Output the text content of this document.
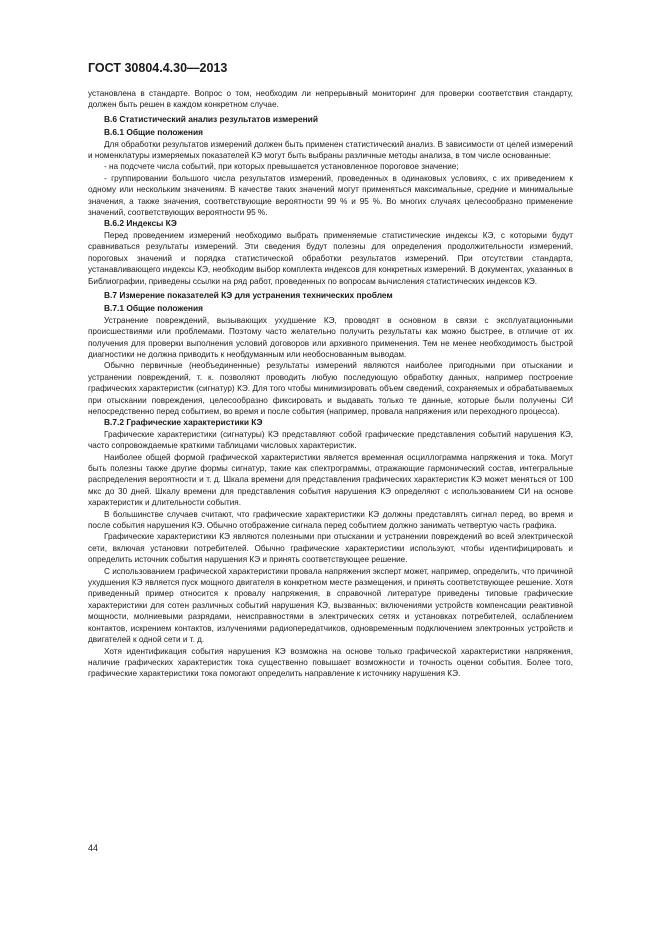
ГОСТ 30804.4.30—2013

установлена в стандарте. Вопрос о том, необходим ли непрерывный мониторинг для проверки соответствия стандарту, должен быть решен в каждом конкретном случае.

В.6 Статистический анализ результатов измерений
В.6.1 Общие положения

Для обработки результатов измерений должен быть применен статистический анализ. В зависимости от целей измерений и номенклатуры измеряемых показателей КЭ могут быть выбраны различные методы анализа, в том числе основанные:

- на подсчете числа событий, при которых превышается установленное пороговое значение;

- группировании большого числа результатов измерений, проведенных в одинаковых условиях, с их приведением к одному или нескольким значениям. В качестве таких значений могут применяться максимальные, средние и минимальные значения, а также значения, соответствующие вероятности 99 % и 95 %. Во многих случаях целесообразно применение значений, соответствующих вероятности 95 %.

В.6.2 Индексы КЭ

Перед проведением измерений необходимо выбрать применяемые статистические индексы КЭ, с которыми будут сравниваться результаты измерений. Эти сведения будут полезны для определения продолжительности измерений, пороговых значений и порядка статистической обработки результатов измерений. При отсутствии стандарта, устанавливающего индексы КЭ, необходим выбор комплекта индексов для конкретных измерений. В документах, указанных в Библиографии, приведены ссылки на ряд работ, проведенных по вопросам вычисления статистических индексов КЭ.

В.7 Измерение показателей КЭ для устранения технических проблем
В.7.1 Общие положения

Устранение повреждений, вызывающих ухудшение КЭ, проводят в основном в связи с эксплуатационными происшествиями или проблемами. Поэтому часто желательно получить результаты как можно быстрее, в отличие от их получения для проверки выполнения условий договоров или архивного применения. Тем не менее необходимость быстрой диагностики не должна приводить к необдуманным или необоснованным выводам.

Обычно первичные (необъединенные) результаты измерений являются наиболее пригодными при отыскании и устранении повреждений, т. к. позволяют проводить любую последующую обработку данных, например построение графических характеристик (сигнатур) КЭ. Для того чтобы минимизировать объем сведений, сохраняемых и обрабатываемых при отыскании повреждения, целесообразно фиксировать и выдавать только те данные, которые были получены СИ непосредственно перед событием, во время и после события (например, провала напряжения или переходного процесса).

В.7.2 Графические характеристики КЭ

Графические характеристики (сигнатуры) КЭ представляют собой графические представления событий нарушения КЭ, часто сопровождаемые краткими таблицами числовых характеристик.

Наиболее общей формой графической характеристики является временная осциллограмма напряжения и тока. Могут быть полезны также другие формы сигнатур, такие как спектрограммы, отражающие гармонический состав, интегральные распределения вероятности и т. д. Шкала времени для представления графических характеристик КЭ может меняться от 100 мкс до 30 дней. Шкалу времени для представления события нарушения КЭ определяют с использованием СИ на основе характеристик и длительности события.

В большинстве случаев считают, что графические характеристики КЭ должны представлять сигнал перед, во время и после события нарушения КЭ. Обычно отображение сигнала перед событием должно занимать четвертую часть графика.

Графические характеристики КЭ являются полезными при отыскании и устранении повреждений во всей электрической сети, включая установки потребителей. Обычно графические характеристики используют, чтобы идентифицировать и определить источник события нарушения КЭ и принять соответствующее решение.

С использованием графической характеристики провала напряжения эксперт может, например, определить, что причиной ухудшения КЭ является пуск мощного двигателя в конкретном месте размещения, и принять соответствующее решение. Хотя приведенный пример относится к провалу напряжения, в справочной литературе приведены типовые графические характеристики для сотен различных событий нарушения КЭ, вызванных: включениями устройств компенсации реактивной мощности, молниевыми разрядами, неисправностями в электрических сетях и установках потребителей, ослаблением контактов, искрением контактов, излучениями радиопередатчиков, одновременным подключением электронных устройств и двигателей к одной сети и т. д.

Хотя идентификация события нарушения КЭ возможна на основе только графической характеристики напряжения, наличие графических характеристик тока существенно повышает возможности и точность оценки события. Более того, графические характеристики тока помогают определить направление к источнику нарушения КЭ.

44
